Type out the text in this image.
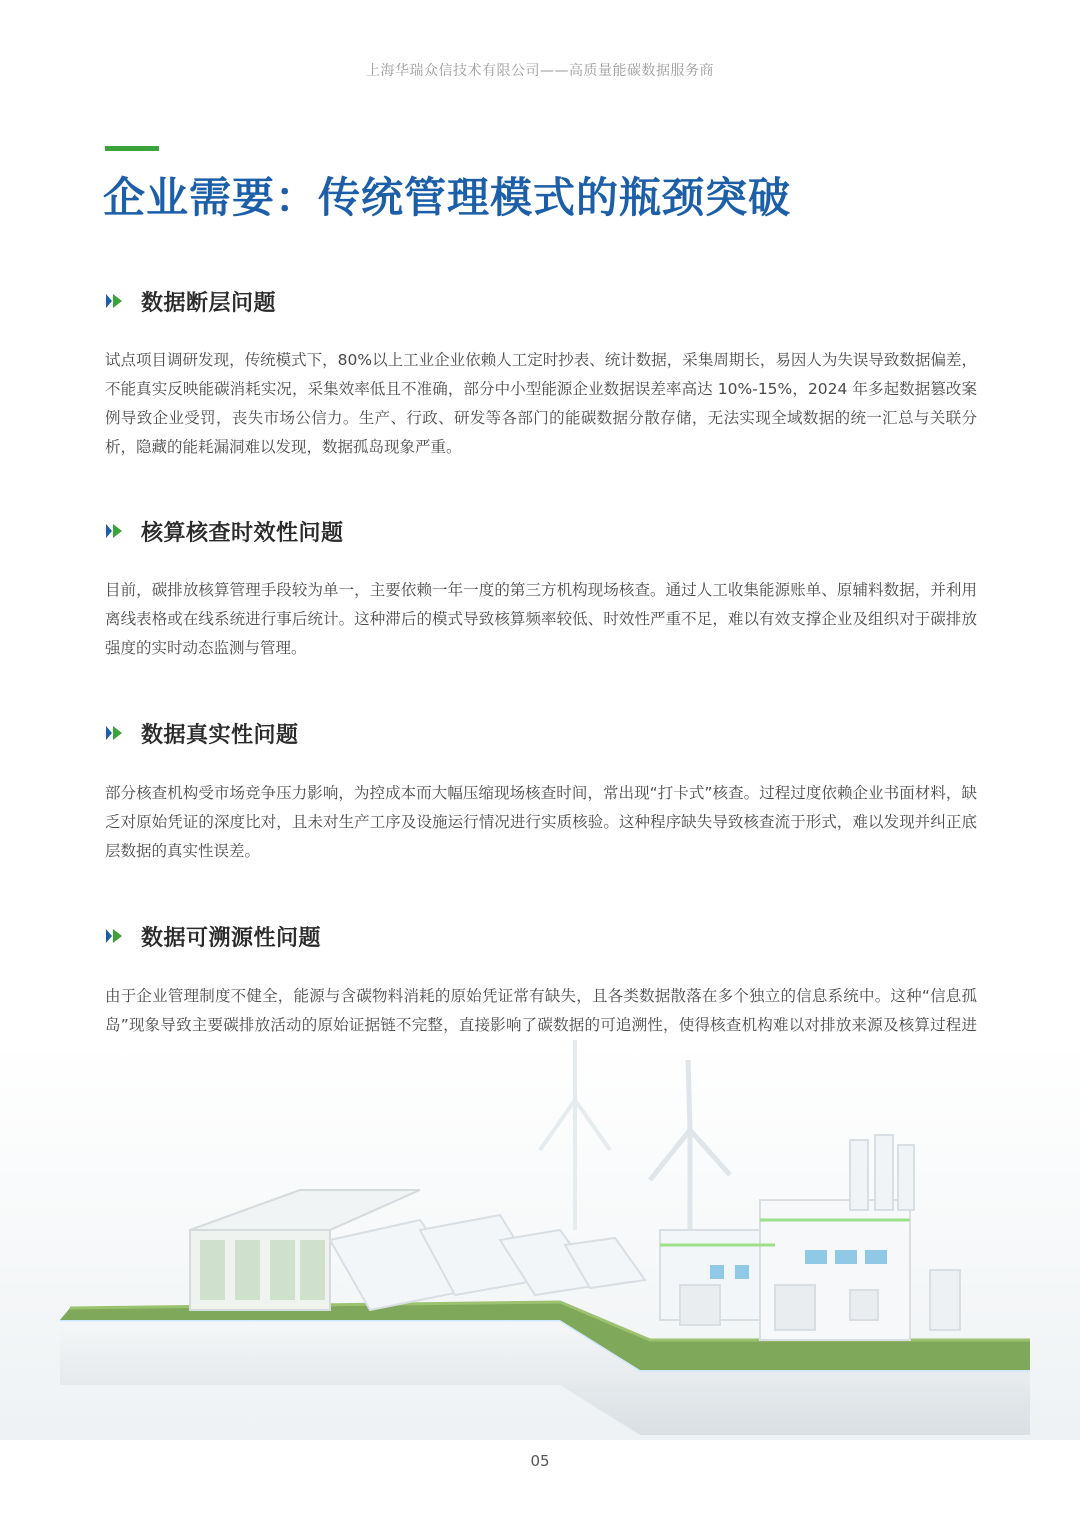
上海华瑞众信技术有限公司——高质量能碳数据服务商
企业需要：传统管理模式的瓶颈突破
数据断层问题

试点项目调研发现，传统模式下，80%以上工业企业依赖人工定时抄表、统计数据，采集周期长，易因人为失误导致数据偏差，不能真实反映能碳消耗实况，采集效率低且不准确，部分中小型能源企业数据误差率高达 10%-15%，2024 年多起数据篡改案例导致企业受罚，丧失市场公信力。生产、行政、研发等各部门的能碳数据分散存储，无法实现全域数据的统一汇总与关联分析，隐藏的能耗漏洞难以发现，数据孤岛现象严重。

核算核查时效性问题

目前，碳排放核算管理手段较为单一，主要依赖一年一度的第三方机构现场核查。通过人工收集能源账单、原辅料数据，并利用离线表格或在线系统进行事后统计。这种滞后的模式导致核算频率较低、时效性严重不足，难以有效支撑企业及组织对于碳排放强度的实时动态监测与管理。

数据真实性问题

部分核查机构受市场竞争压力影响，为控成本而大幅压缩现场核查时间，常出现“打卡式”核查。过程过度依赖企业书面材料，缺乏对原始凭证的深度比对，且未对生产工序及设施运行情况进行实质核验。这种程序缺失导致核查流于形式，难以发现并纠正底层数据的真实性误差。

数据可溯源性问题

由于企业管理制度不健全，能源与含碳物料消耗的原始凭证常有缺失，且各类数据散落在多个独立的信息系统中。这种“信息孤岛”现象导致主要碳排放活动的原始证据链不完整，直接影响了碳数据的可追溯性，使得核查机构难以对排放来源及核算过程进

05
